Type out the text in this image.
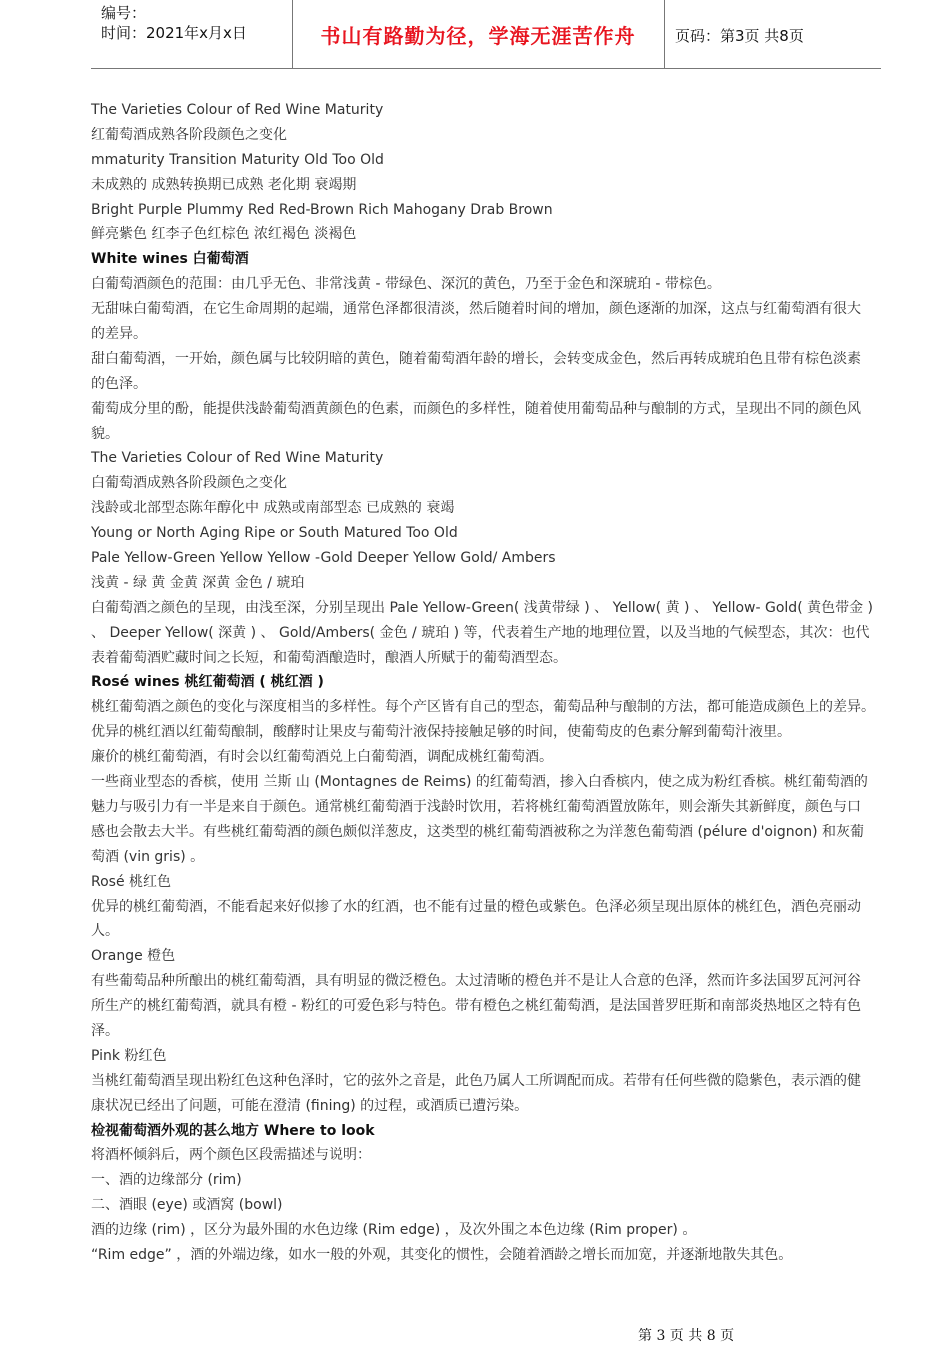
编号：
时间：2021年x月x日	书山有路勤为径，学海无涯苦作舟	页码：第3页 共8页
The Varieties Colour of Red Wine Maturity
红葡萄酒成熟各阶段颜色之变化
mmaturity Transition Maturity Old Too Old
未成熟的 成熟转换期已成熟 老化期 衰竭期
Bright Purple Plummy Red Red-Brown Rich Mahogany Drab Brown
鲜亮紫色 红李子色红棕色 浓红褐色 淡褐色
White wines 白葡萄酒
白葡萄酒颜色的范围：由几乎无色、非常浅黄 - 带绿色、深沉的黄色，乃至于金色和深琥珀 - 带棕色。
无甜味白葡萄酒，在它生命周期的起端，通常色泽都很清淡，然后随着时间的增加，颜色逐渐的加深，这点与红葡萄酒有很大
的差异。
甜白葡萄酒，一开始，颜色属与比较阴暗的黄色，随着葡萄酒年龄的增长，会转变成金色，然后再转成琥珀色且带有棕色淡素
的色泽。
葡萄成分里的酚，能提供浅龄葡萄酒黄颜色的色素，而颜色的多样性，随着使用葡萄品种与酿制的方式，呈现出不同的颜色风
貌。
The Varieties Colour of Red Wine Maturity
白葡萄酒成熟各阶段颜色之变化
浅龄或北部型态陈年醇化中 成熟或南部型态 已成熟的 衰竭
Young or North Aging Ripe or South Matured Too Old
Pale Yellow-Green Yellow Yellow -Gold Deeper Yellow Gold/ Ambers
浅黄 - 绿 黄 金黄 深黄 金色 / 琥珀
白葡萄酒之颜色的呈现，由浅至深，分别呈现出 Pale Yellow-Green( 浅黄带绿 ) 、 Yellow( 黄 ) 、 Yellow- Gold( 黄色带金 )
、 Deeper Yellow( 深黄 ) 、 Gold/Ambers( 金色 / 琥珀 ) 等，代表着生产地的地理位置，以及当地的气候型态，其次：也代
表着葡萄酒贮藏时间之长短，和葡萄酒酿造时，酿酒人所赋于的葡萄酒型态。
Rosé wines 桃红葡萄酒 ( 桃红酒 )
桃红葡萄酒之颜色的变化与深度相当的多样性。每个产区皆有自己的型态，葡萄品种与酿制的方法，都可能造成颜色上的差异。
优异的桃红酒以红葡萄酿制，酸酵时让果皮与葡萄汁液保持接触足够的时间，使葡萄皮的色素分解到葡萄汁液里。
廉价的桃红葡萄酒，有时会以红葡萄酒兑上白葡萄酒，调配成桃红葡萄酒。
一些商业型态的香槟，使用 兰斯 山 (Montagnes de Reims) 的红葡萄酒，掺入白香槟内，使之成为粉红香槟。桃红葡萄酒的
魅力与吸引力有一半是来自于颜色。通常桃红葡萄酒于浅龄时饮用，若将桃红葡萄酒置放陈年，则会渐失其新鲜度，颜色与口
感也会散去大半。有些桃红葡萄酒的颜色颇似洋葱皮，这类型的桃红葡萄酒被称之为洋葱色葡萄酒 (pélure d'oignon) 和灰葡
萄酒 (vin gris) 。
Rosé 桃红色
优异的桃红葡萄酒，不能看起来好似掺了水的红酒，也不能有过量的橙色或紫色。色泽必须呈现出原体的桃红色，酒色亮丽动
人。
Orange 橙色
有些葡萄品种所酿出的桃红葡萄酒，具有明显的微泛橙色。太过清晰的橙色并不是让人合意的色泽，然而许多法国罗瓦河河谷
所生产的桃红葡萄酒，就具有橙 - 粉红的可爱色彩与特色。带有橙色之桃红葡萄酒，是法国普罗旺斯和南部炎热地区之特有色
泽。
Pink 粉红色
当桃红葡萄酒呈现出粉红色这种色泽时，它的弦外之音是，此色乃属人工所调配而成。若带有任何些微的隐紫色，表示酒的健
康状况已经出了问题，可能在澄清 (fining) 的过程，或酒质已遭污染。
检视葡萄酒外观的甚么地方 Where to look
将酒杯倾斜后，两个颜色区段需描述与说明：
一、酒的边缘部分 (rim)
二、酒眼 (eye) 或酒窝 (bowl)
酒的边缘 (rim) ，区分为最外围的水色边缘 (Rim edge) ，及次外围之本色边缘 (Rim proper) 。
“Rim edge” ，酒的外端边缘，如水一般的外观，其变化的惯性，会随着酒龄之增长而加宽，并逐渐地散失其色。
第 3 页 共 8 页
